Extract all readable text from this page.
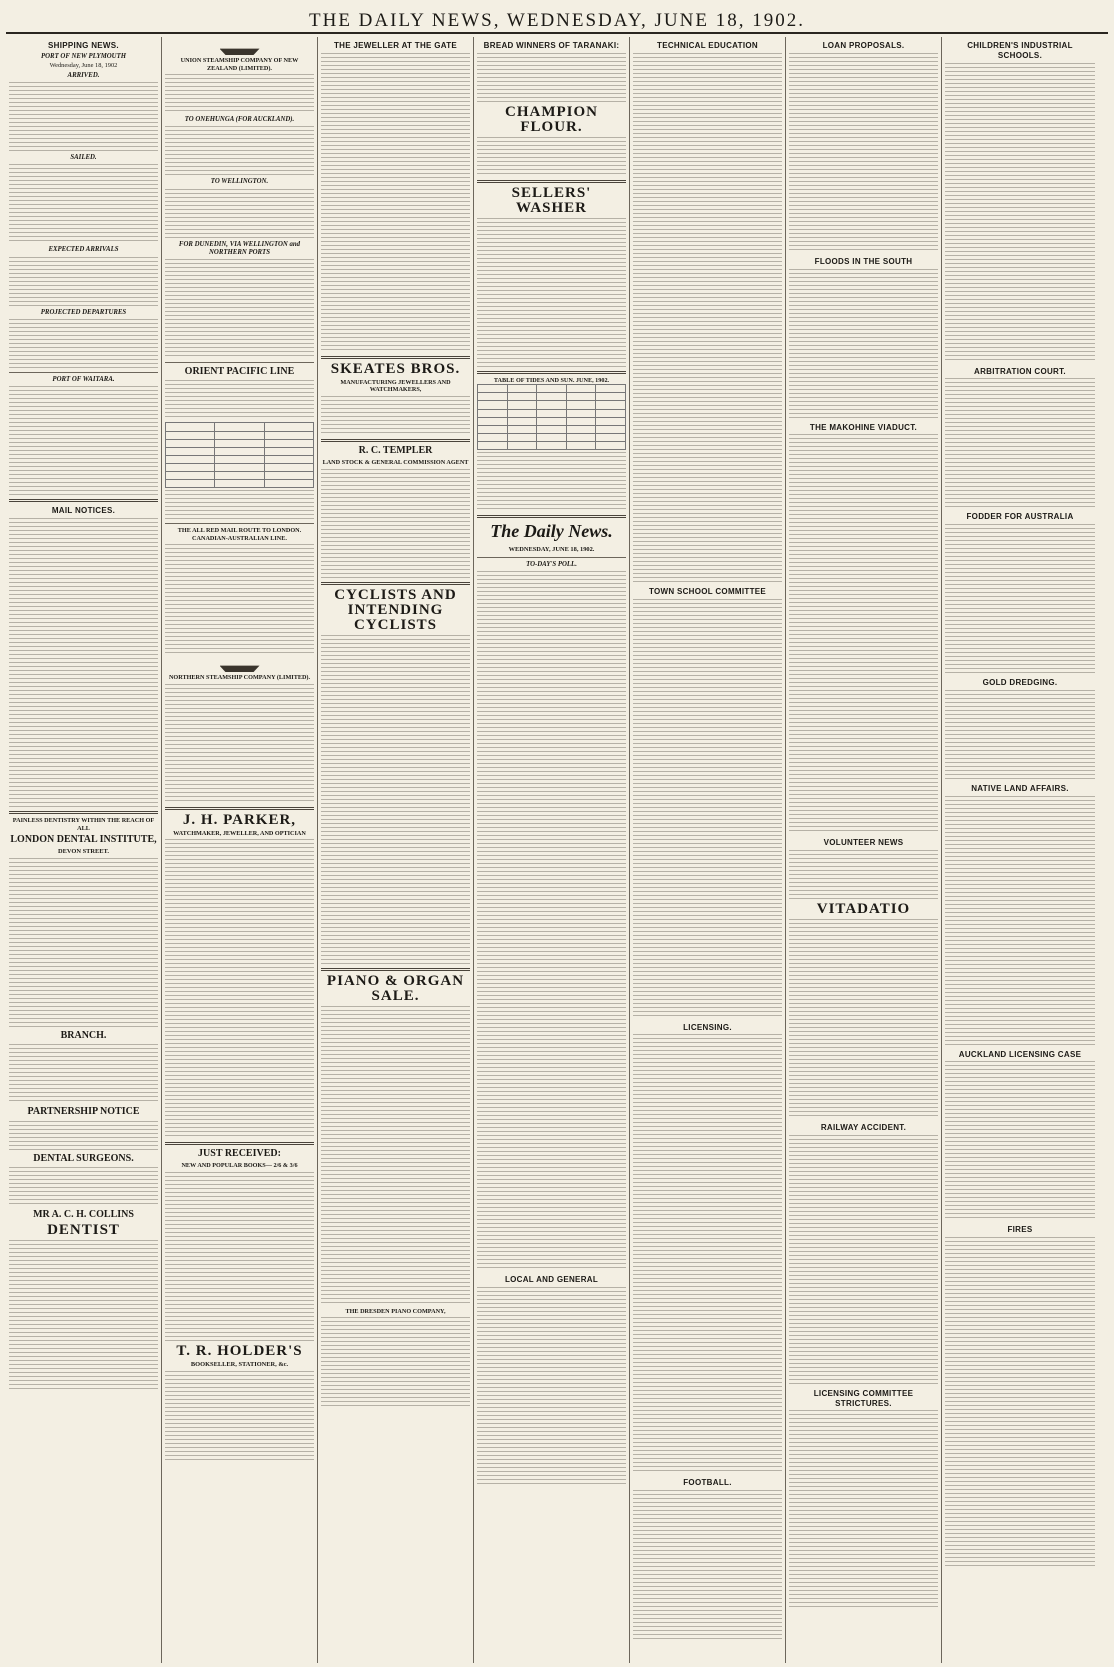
THE DAILY NEWS, WEDNESDAY, JUNE 18, 1902.
SHIPPING NEWS.
PORT OF NEW PLYMOUTH
Wednesday, June 18, 1902
ARRIVED.
SAILED.
EXPECTED ARRIVALS
PROJECTED DEPARTURES
PORT OF WAITARA.
MAIL NOTICES.
PAINLESS DENTISTRY WITHIN THE REACH OF ALL
LONDON DENTAL INSTITUTE,
DEVON STREET.
BRANCH.
PARTNERSHIP NOTICE
DENTAL SURGEONS.
MR A. C. H. COLLINS
DENTIST
UNION STEAMSHIP COMPANY OF NEW ZEALAND (LIMITED).
TO ONEHUNGA (FOR AUCKLAND).
TO WELLINGTON.
FOR DUNEDIN, VIA WELLINGTON and NORTHERN PORTS
ORIENT PACIFIC LINE

THE ALL RED MAIL ROUTE TO LONDON. CANADIAN-AUSTRALIAN LINE.
NORTHERN STEAMSHIP COMPANY (LIMITED).
J. H. PARKER,
WATCHMAKER, JEWELLER, AND OPTICIAN
JUST RECEIVED:
NEW AND POPULAR BOOKS— 2/6 & 3/6
T. R. HOLDER'S
BOOKSELLER, STATIONER, &c.
THE JEWELLER AT THE GATE
SKEATES BROS.
MANUFACTURING JEWELLERS AND WATCHMAKERS,
R. C. TEMPLER
LAND STOCK & GENERAL COMMISSION AGENT
CYCLISTS AND INTENDING CYCLISTS
PIANO & ORGAN SALE.
THE DRESDEN PIANO COMPANY,
BREAD WINNERS OF TARANAKI:
CHAMPION FLOUR.
SELLERS' WASHER
TABLE OF TIDES AND SUN. JUNE, 1902.

The Daily News.
WEDNESDAY, JUNE 18, 1902.
TO-DAY'S POLL.
LOCAL AND GENERAL
TECHNICAL EDUCATION
TOWN SCHOOL COMMITTEE
LICENSING.
FOOTBALL.
LOAN PROPOSALS.
FLOODS IN THE SOUTH
THE MAKOHINE VIADUCT.
VOLUNTEER NEWS
VITADATIO
RAILWAY ACCIDENT.
LICENSING COMMITTEE STRICTURES.
CHILDREN'S INDUSTRIAL SCHOOLS.
ARBITRATION COURT.
FODDER FOR AUSTRALIA
GOLD DREDGING.
NATIVE LAND AFFAIRS.
AUCKLAND LICENSING CASE
FIRES
